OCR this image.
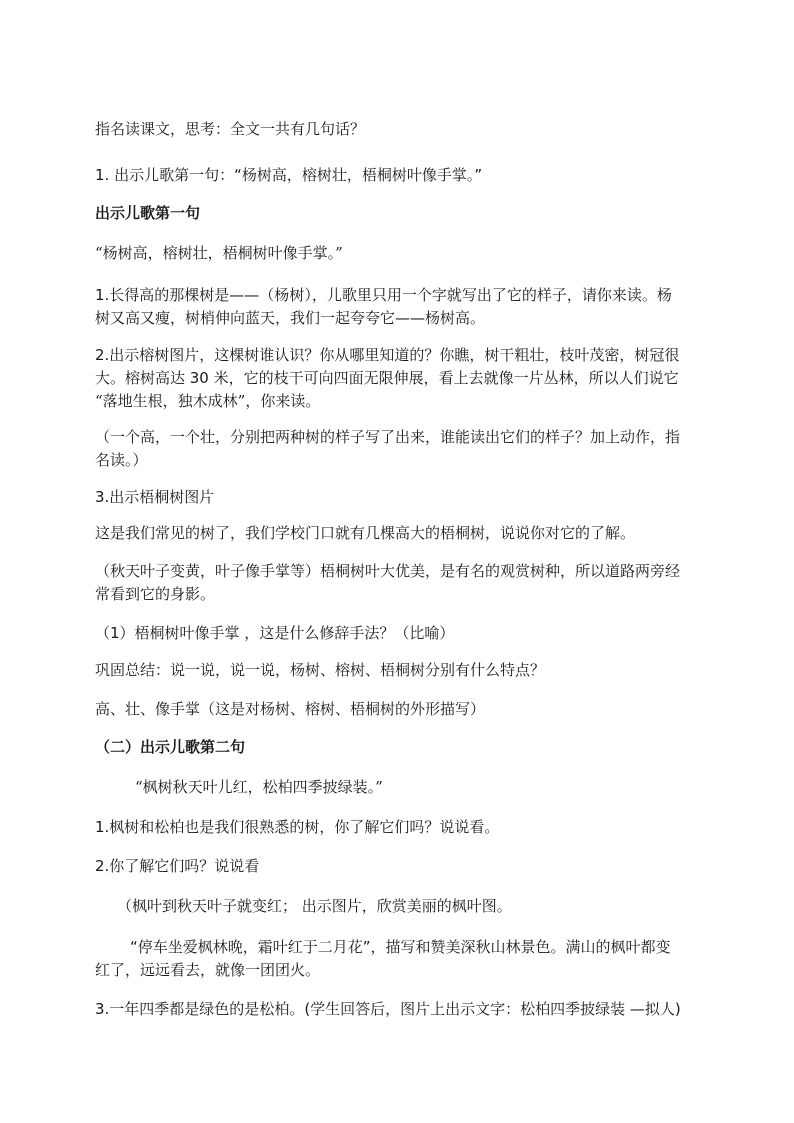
指名读课文，思考：全文一共有几句话？
1. 出示儿歌第一句：“杨树高，榕树壮，梧桐树叶像手掌。”
出示儿歌第一句
“杨树高，榕树壮，梧桐树叶像手掌。”
1.长得高的那棵树是——（杨树），儿歌里只用一个字就写出了它的样子，请你来读。杨
树又高又瘦，树梢伸向蓝天，我们一起夸夸它——杨树高。
2.出示榕树图片，这棵树谁认识？你从哪里知道的？你瞧，树干粗壮，枝叶茂密，树冠很
大。榕树高达 30 米，它的枝干可向四面无限伸展，看上去就像一片丛林，所以人们说它
“落地生根，独木成林”，你来读。
（一个高，一个壮，分别把两种树的样子写了出来，谁能读出它们的样子？加上动作，指
名读。）
3.出示梧桐树图片
这是我们常见的树了，我们学校门口就有几棵高大的梧桐树，说说你对它的了解。
（秋天叶子变黄，叶子像手掌等）梧桐树叶大优美，是有名的观赏树种，所以道路两旁经
常看到它的身影。
（1）梧桐树叶像手掌 ，这是什么修辞手法？（比喻）
巩固总结：说一说，说一说，杨树、榕树、梧桐树分别有什么特点？
高、壮、像手掌（这是对杨树、榕树、梧桐树的外形描写）
（二）出示儿歌第二句
“枫树秋天叶儿红，松柏四季披绿装。”
1.枫树和松柏也是我们很熟悉的树，你了解它们吗？说说看。
2.你了解它们吗？说说看
（枫叶到秋天叶子就变红； 出示图片，欣赏美丽的枫叶图。
“停车坐爱枫林晚，霜叶红于二月花”，描写和赞美深秋山林景色。满山的枫叶都变
红了，远远看去，就像一团团火。
3.一年四季都是绿色的是松柏。(学生回答后，图片上出示文字：松柏四季披绿装 —拟人)
